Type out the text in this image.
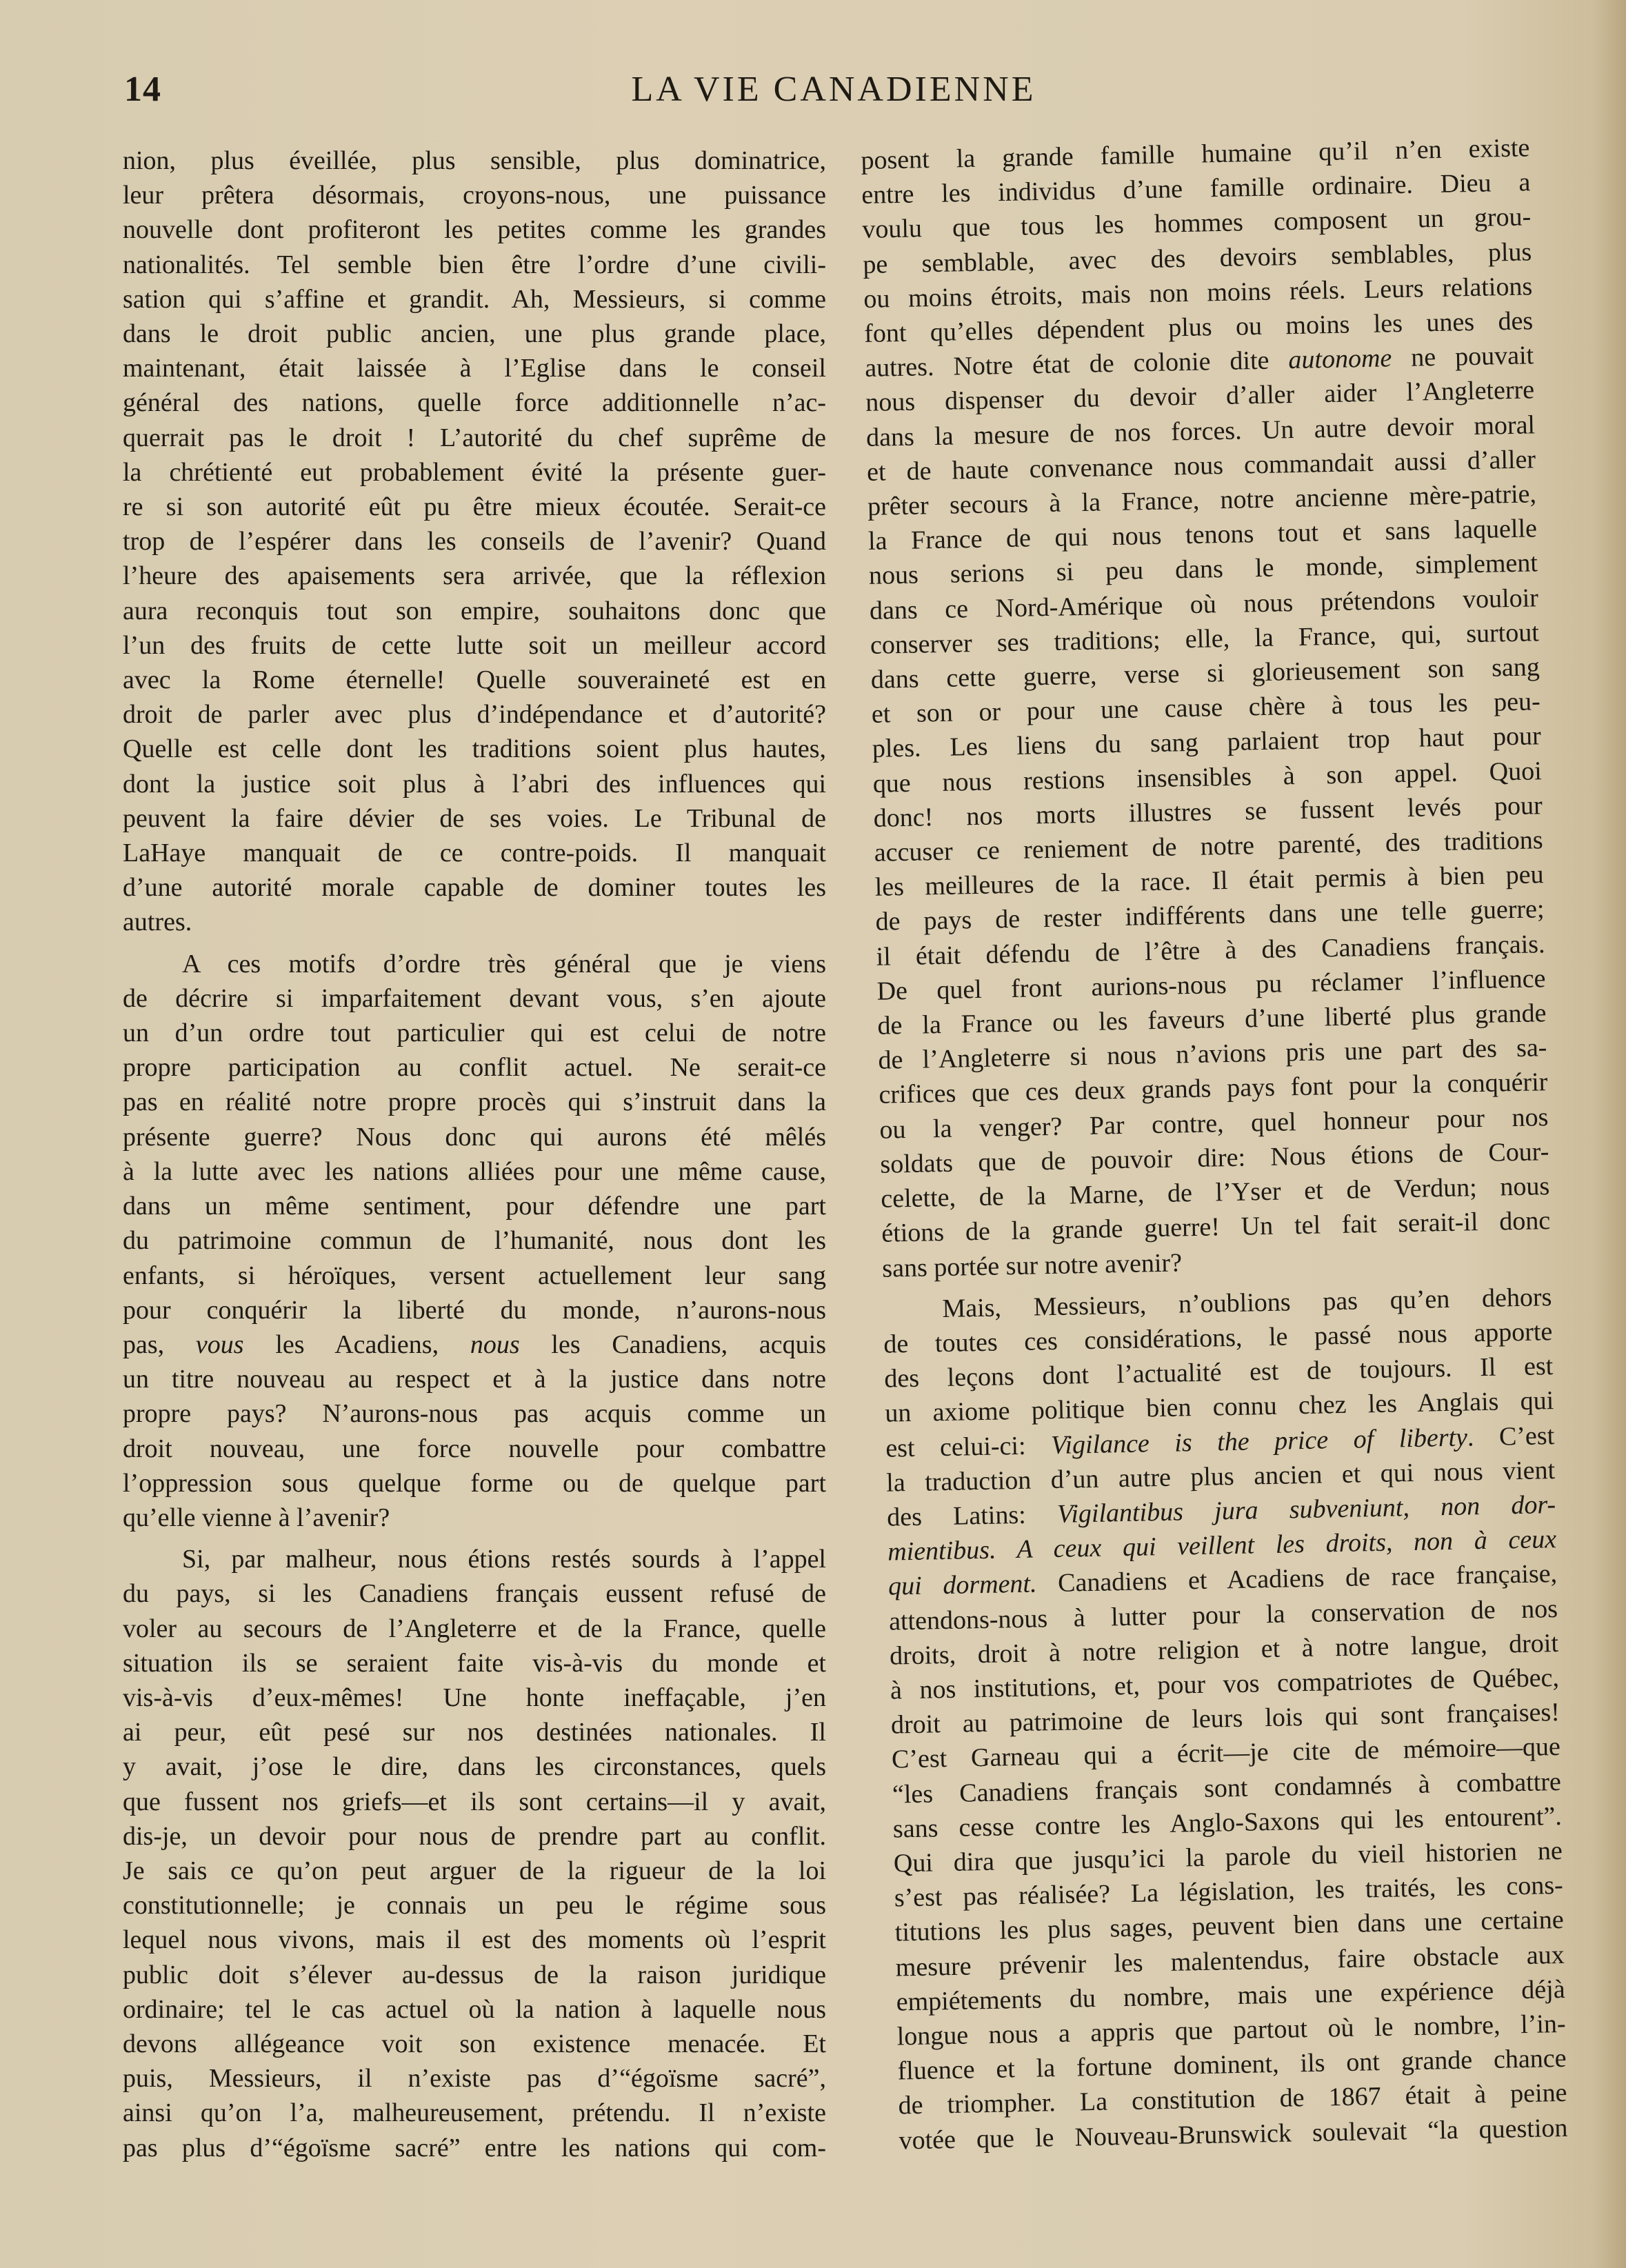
14	LA VIE CANADIENNE
nion, plus éveillée, plus sensible, plus dominatrice,
leur prêtera désormais, croyons-nous, une puissance
nouvelle dont profiteront les petites comme les grandes
nationalités. Tel semble bien être l’ordre d’une civili-
sation qui s’affine et grandit. Ah, Messieurs, si comme
dans le droit public ancien, une plus grande place,
maintenant, était laissée à l’Eglise dans le conseil
général des nations, quelle force additionnelle n’ac-
querrait pas le droit ! L’autorité du chef suprême de
la chrétienté eut probablement évité la présente guer-
re si son autorité eût pu être mieux écoutée. Serait-ce
trop de l’espérer dans les conseils de l’avenir? Quand
l’heure des apaisements sera arrivée, que la réflexion
aura reconquis tout son empire, souhaitons donc que
l’un des fruits de cette lutte soit un meilleur accord
avec la Rome éternelle! Quelle souveraineté est en
droit de parler avec plus d’indépendance et d’autorité?
Quelle est celle dont les traditions soient plus hautes,
dont la justice soit plus à l’abri des influences qui
peuvent la faire dévier de ses voies. Le Tribunal de
LaHaye manquait de ce contre-poids. Il manquait
d’une autorité morale capable de dominer toutes les
autres.
A ces motifs d’ordre très général que je viens
de décrire si imparfaitement devant vous, s’en ajoute
un d’un ordre tout particulier qui est celui de notre
propre participation au conflit actuel. Ne serait-ce
pas en réalité notre propre procès qui s’instruit dans la
présente guerre? Nous donc qui aurons été mêlés
à la lutte avec les nations alliées pour une même cause,
dans un même sentiment, pour défendre une part
du patrimoine commun de l’humanité, nous dont les
enfants, si héroïques, versent actuellement leur sang
pour conquérir la liberté du monde, n’aurons-nous
pas, vous les Acadiens, nous les Canadiens, acquis
un titre nouveau au respect et à la justice dans notre
propre pays? N’aurons-nous pas acquis comme un
droit nouveau, une force nouvelle pour combattre
l’oppression sous quelque forme ou de quelque part
qu’elle vienne à l’avenir?
Si, par malheur, nous étions restés sourds à l’appel
du pays, si les Canadiens français eussent refusé de
voler au secours de l’Angleterre et de la France, quelle
situation ils se seraient faite vis-à-vis du monde et
vis-à-vis d’eux-mêmes! Une honte ineffaçable, j’en
ai peur, eût pesé sur nos destinées nationales. Il
y avait, j’ose le dire, dans les circonstances, quels
que fussent nos griefs—et ils sont certains—il y avait,
dis-je, un devoir pour nous de prendre part au conflit.
Je sais ce qu’on peut arguer de la rigueur de la loi
constitutionnelle; je connais un peu le régime sous
lequel nous vivons, mais il est des moments où l’esprit
public doit s’élever au-dessus de la raison juridique
ordinaire; tel le cas actuel où la nation à laquelle nous
devons allégeance voit son existence menacée. Et
puis, Messieurs, il n’existe pas d’“égoïsme sacré”,
ainsi qu’on l’a, malheureusement, prétendu. Il n’existe
pas plus d’“égoïsme sacré” entre les nations qui com-
posent la grande famille humaine qu’il n’en existe
entre les individus d’une famille ordinaire. Dieu a
voulu que tous les hommes composent un grou-
pe semblable, avec des devoirs semblables, plus
ou moins étroits, mais non moins réels. Leurs relations
font qu’elles dépendent plus ou moins les unes des
autres. Notre état de colonie dite autonome ne pouvait
nous dispenser du devoir d’aller aider l’Angleterre
dans la mesure de nos forces. Un autre devoir moral
et de haute convenance nous commandait aussi d’aller
prêter secours à la France, notre ancienne mère-patrie,
la France de qui nous tenons tout et sans laquelle
nous serions si peu dans le monde, simplement
dans ce Nord-Amérique où nous prétendons vouloir
conserver ses traditions; elle, la France, qui, surtout
dans cette guerre, verse si glorieusement son sang
et son or pour une cause chère à tous les peu-
ples. Les liens du sang parlaient trop haut pour
que nous restions insensibles à son appel. Quoi
donc! nos morts illustres se fussent levés pour
accuser ce reniement de notre parenté, des traditions
les meilleures de la race. Il était permis à bien peu
de pays de rester indifférents dans une telle guerre;
il était défendu de l’être à des Canadiens français.
De quel front aurions-nous pu réclamer l’influence
de la France ou les faveurs d’une liberté plus grande
de l’Angleterre si nous n’avions pris une part des sa-
crifices que ces deux grands pays font pour la conquérir
ou la venger? Par contre, quel honneur pour nos
soldats que de pouvoir dire: Nous étions de Cour-
celette, de la Marne, de l’Yser et de Verdun; nous
étions de la grande guerre! Un tel fait serait-il donc
sans portée sur notre avenir?
Mais, Messieurs, n’oublions pas qu’en dehors
de toutes ces considérations, le passé nous apporte
des leçons dont l’actualité est de toujours. Il est
un axiome politique bien connu chez les Anglais qui
est celui-ci: Vigilance is the price of liberty. C’est
la traduction d’un autre plus ancien et qui nous vient
des Latins: Vigilantibus jura subveniunt, non dor-
mientibus. A ceux qui veillent les droits, non à ceux
qui dorment. Canadiens et Acadiens de race française,
attendons-nous à lutter pour la conservation de nos
droits, droit à notre religion et à notre langue, droit
à nos institutions, et, pour vos compatriotes de Québec,
droit au patrimoine de leurs lois qui sont françaises!
C’est Garneau qui a écrit—je cite de mémoire—que
“les Canadiens français sont condamnés à combattre
sans cesse contre les Anglo-Saxons qui les entourent”.
Qui dira que jusqu’ici la parole du vieil historien ne
s’est pas réalisée? La législation, les traités, les cons-
titutions les plus sages, peuvent bien dans une certaine
mesure prévenir les malentendus, faire obstacle aux
empiétements du nombre, mais une expérience déjà
longue nous a appris que partout où le nombre, l’in-
fluence et la fortune dominent, ils ont grande chance
de triompher. La constitution de 1867 était à peine
votée que le Nouveau-Brunswick soulevait “la question
